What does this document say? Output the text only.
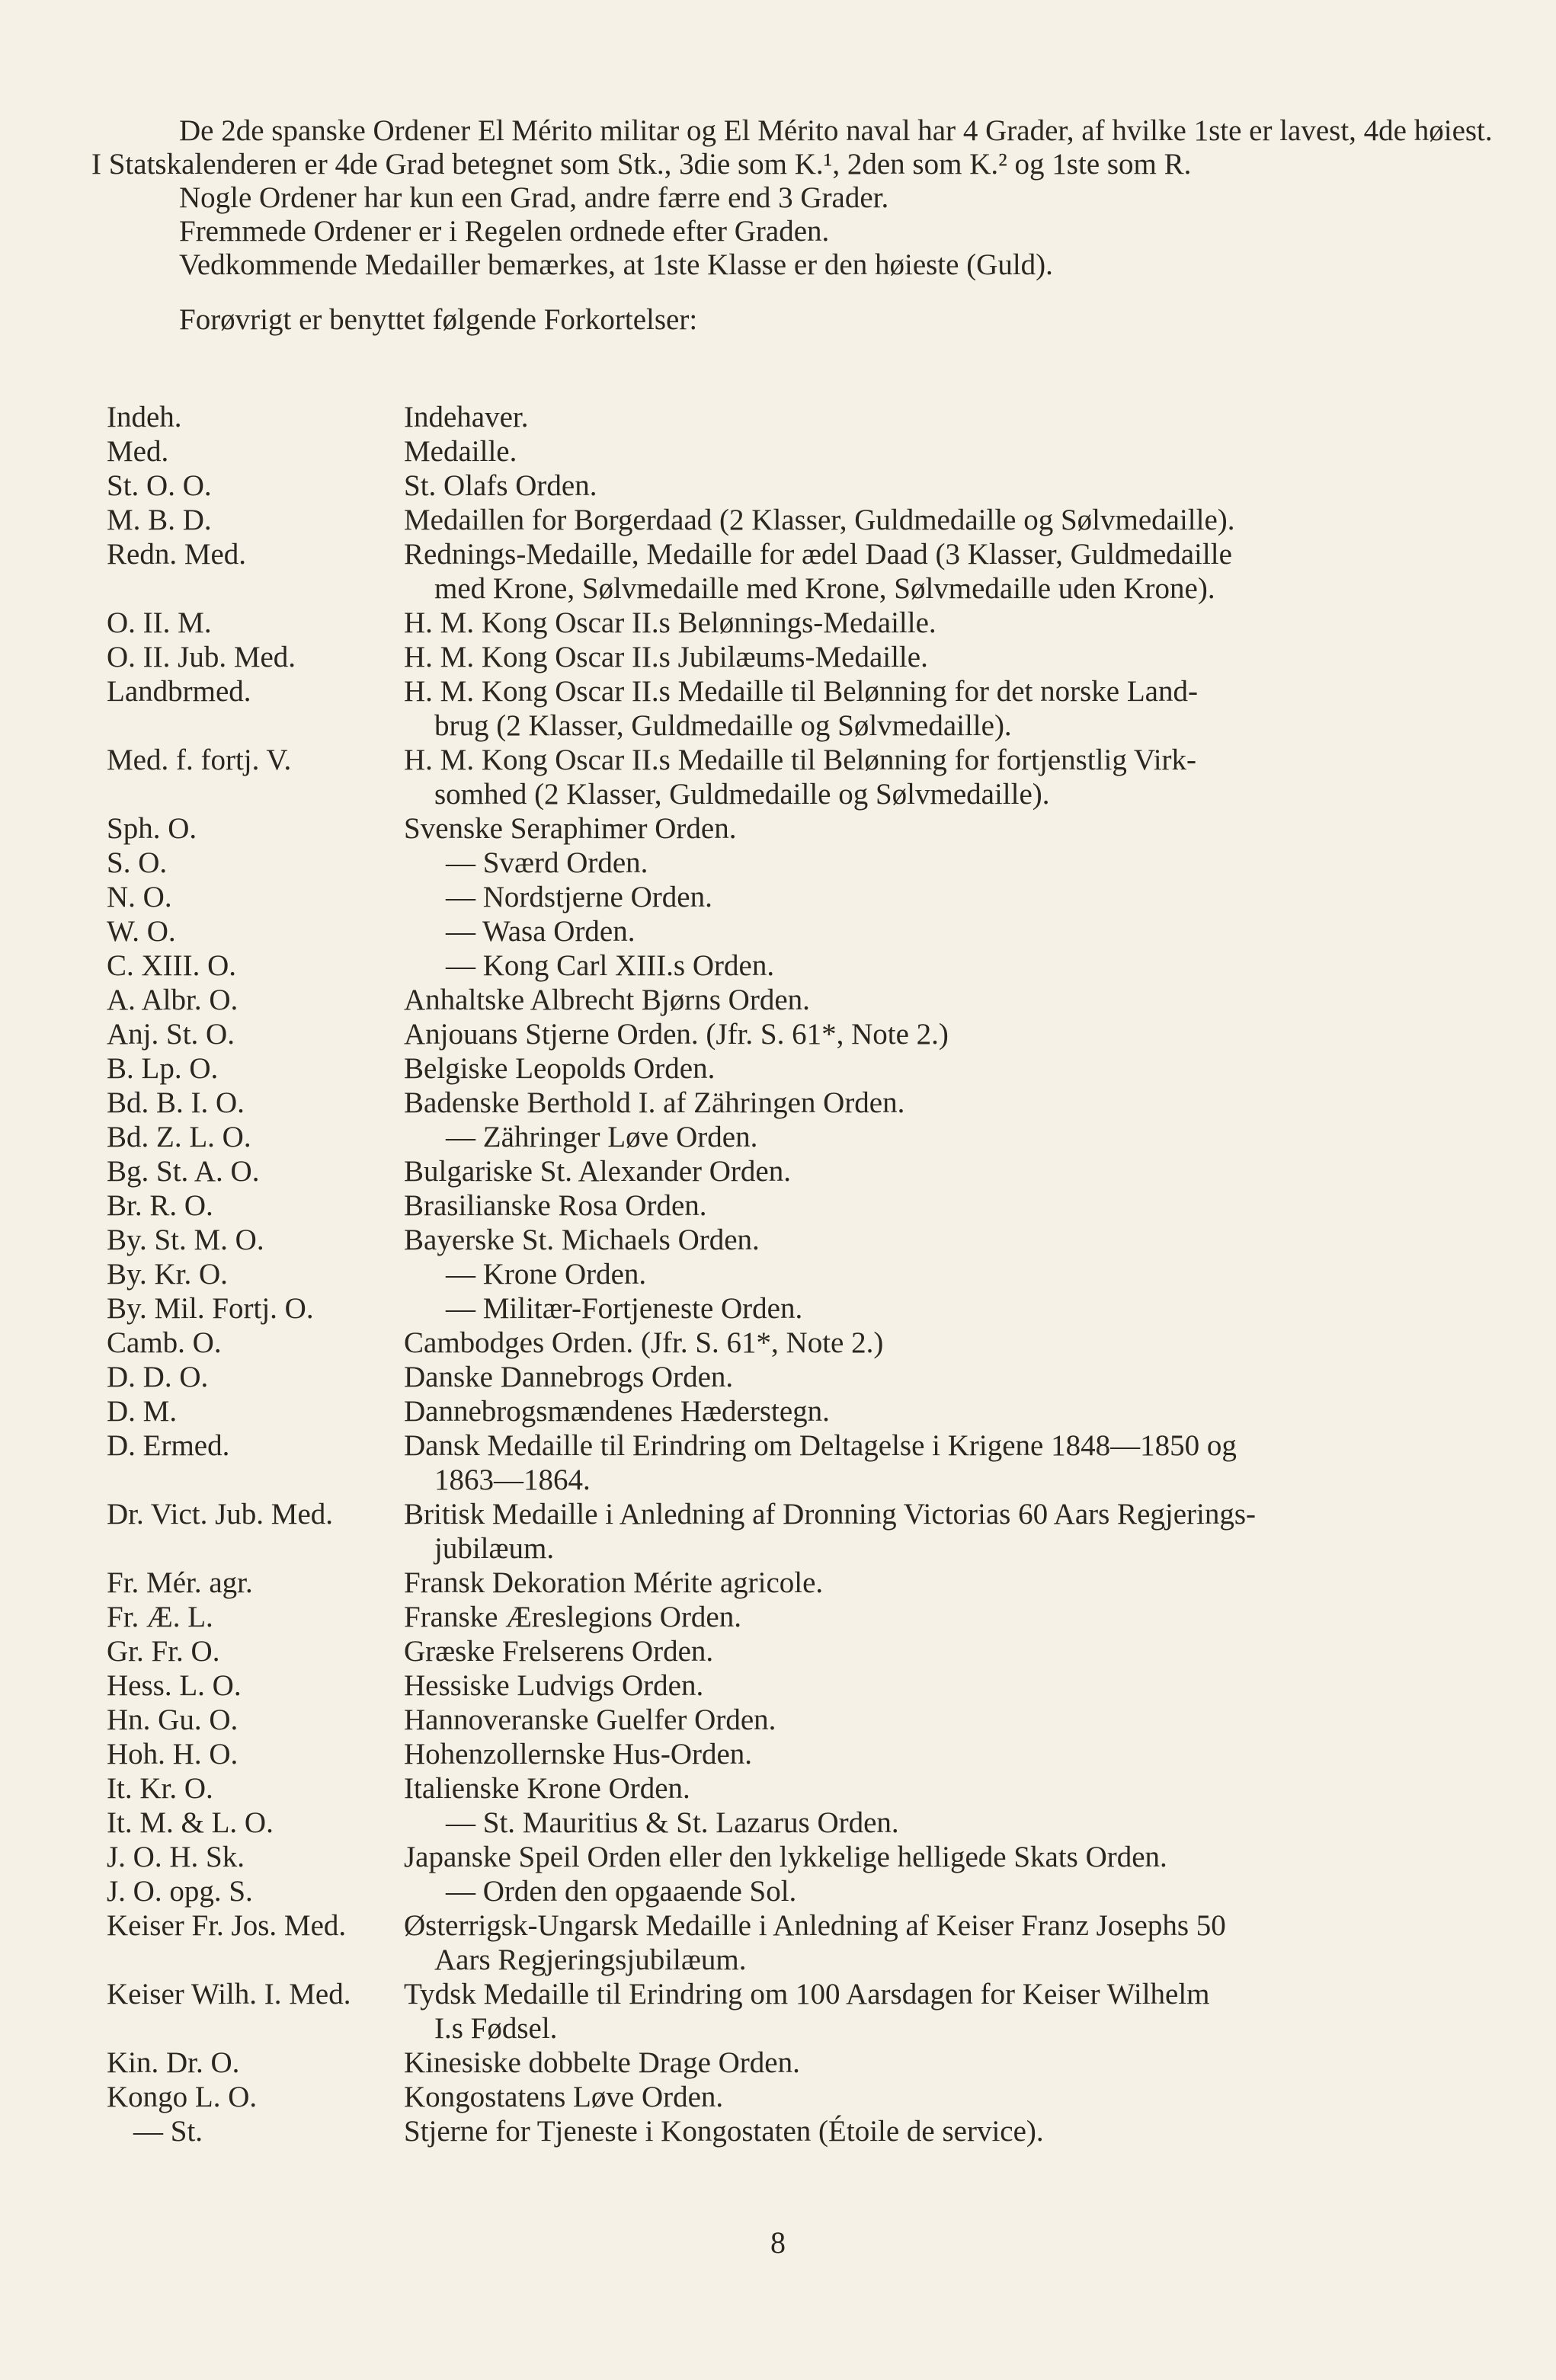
De 2de spanske Ordener El Mérito militar og El Mérito naval har 4 Grader, af hvilke 1ste er lavest, 4de høiest. I Statskalenderen er 4de Grad betegnet som Stk., 3die som K.¹, 2den som K.² og 1ste som R.

Nogle Ordener har kun een Grad, andre færre end 3 Grader.

Fremmede Ordener er i Regelen ordnede efter Graden.

Vedkommende Medailler bemærkes, at 1ste Klasse er den høieste (Guld).

Forøvrigt er benyttet følgende Forkortelser:

Indeh.	Indehaver.
Med.	Medaille.
St. O. O.	St. Olafs Orden.
M. B. D.	Medaillen for Borgerdaad (2 Klasser, Guldmedaille og Sølvmedaille).
Redn. Med.	Rednings-Medaille, Medaille for ædel Daad (3 Klasser, Guldmedaille
med Krone, Sølvmedaille med Krone, Sølvmedaille uden Krone).
O. II. M.	H. M. Kong Oscar II.s Belønnings-Medaille.
O. II. Jub. Med.	H. M. Kong Oscar II.s Jubilæums-Medaille.
Landbrmed.	H. M. Kong Oscar II.s Medaille til Belønning for det norske Land-
brug (2 Klasser, Guldmedaille og Sølvmedaille).
Med. f. fortj. V.	H. M. Kong Oscar II.s Medaille til Belønning for fortjenstlig Virk-
somhed (2 Klasser, Guldmedaille og Sølvmedaille).
Sph. O.	Svenske Seraphimer Orden.
S. O.	— Sværd Orden.
N. O.	— Nordstjerne Orden.
W. O.	— Wasa Orden.
C. XIII. O.	— Kong Carl XIII.s Orden.
A. Albr. O.	Anhaltske Albrecht Bjørns Orden.
Anj. St. O.	Anjouans Stjerne Orden. (Jfr. S. 61*, Note 2.)
B. Lp. O.	Belgiske Leopolds Orden.
Bd. B. I. O.	Badenske Berthold I. af Zähringen Orden.
Bd. Z. L. O.	— Zähringer Løve Orden.
Bg. St. A. O.	Bulgariske St. Alexander Orden.
Br. R. O.	Brasilianske Rosa Orden.
By. St. M. O.	Bayerske St. Michaels Orden.
By. Kr. O.	— Krone Orden.
By. Mil. Fortj. O.	— Militær-Fortjeneste Orden.
Camb. O.	Cambodges Orden. (Jfr. S. 61*, Note 2.)
D. D. O.	Danske Dannebrogs Orden.
D. M.	Dannebrogsmændenes Hæderstegn.
D. Ermed.	Dansk Medaille til Erindring om Deltagelse i Krigene 1848—1850 og
1863—1864.
Dr. Vict. Jub. Med.	Britisk Medaille i Anledning af Dronning Victorias 60 Aars Regjerings-
jubilæum.
Fr. Mér. agr.	Fransk Dekoration Mérite agricole.
Fr. Æ. L.	Franske Æreslegions Orden.
Gr. Fr. O.	Græske Frelserens Orden.
Hess. L. O.	Hessiske Ludvigs Orden.
Hn. Gu. O.	Hannoveranske Guelfer Orden.
Hoh. H. O.	Hohenzollernske Hus-Orden.
It. Kr. O.	Italienske Krone Orden.
It. M. & L. O.	— St. Mauritius & St. Lazarus Orden.
J. O. H. Sk.	Japanske Speil Orden eller den lykkelige helligede Skats Orden.
J. O. opg. S.	— Orden den opgaaende Sol.
Keiser Fr. Jos. Med.	Østerrigsk-Ungarsk Medaille i Anledning af Keiser Franz Josephs 50
Aars Regjeringsjubilæum.
Keiser Wilh. I. Med.	Tydsk Medaille til Erindring om 100 Aarsdagen for Keiser Wilhelm
I.s Fødsel.
Kin. Dr. O.	Kinesiske dobbelte Drage Orden.
Kongo L. O.	Kongostatens Løve Orden.
— St.	Stjerne for Tjeneste i Kongostaten (Étoile de service).
8
